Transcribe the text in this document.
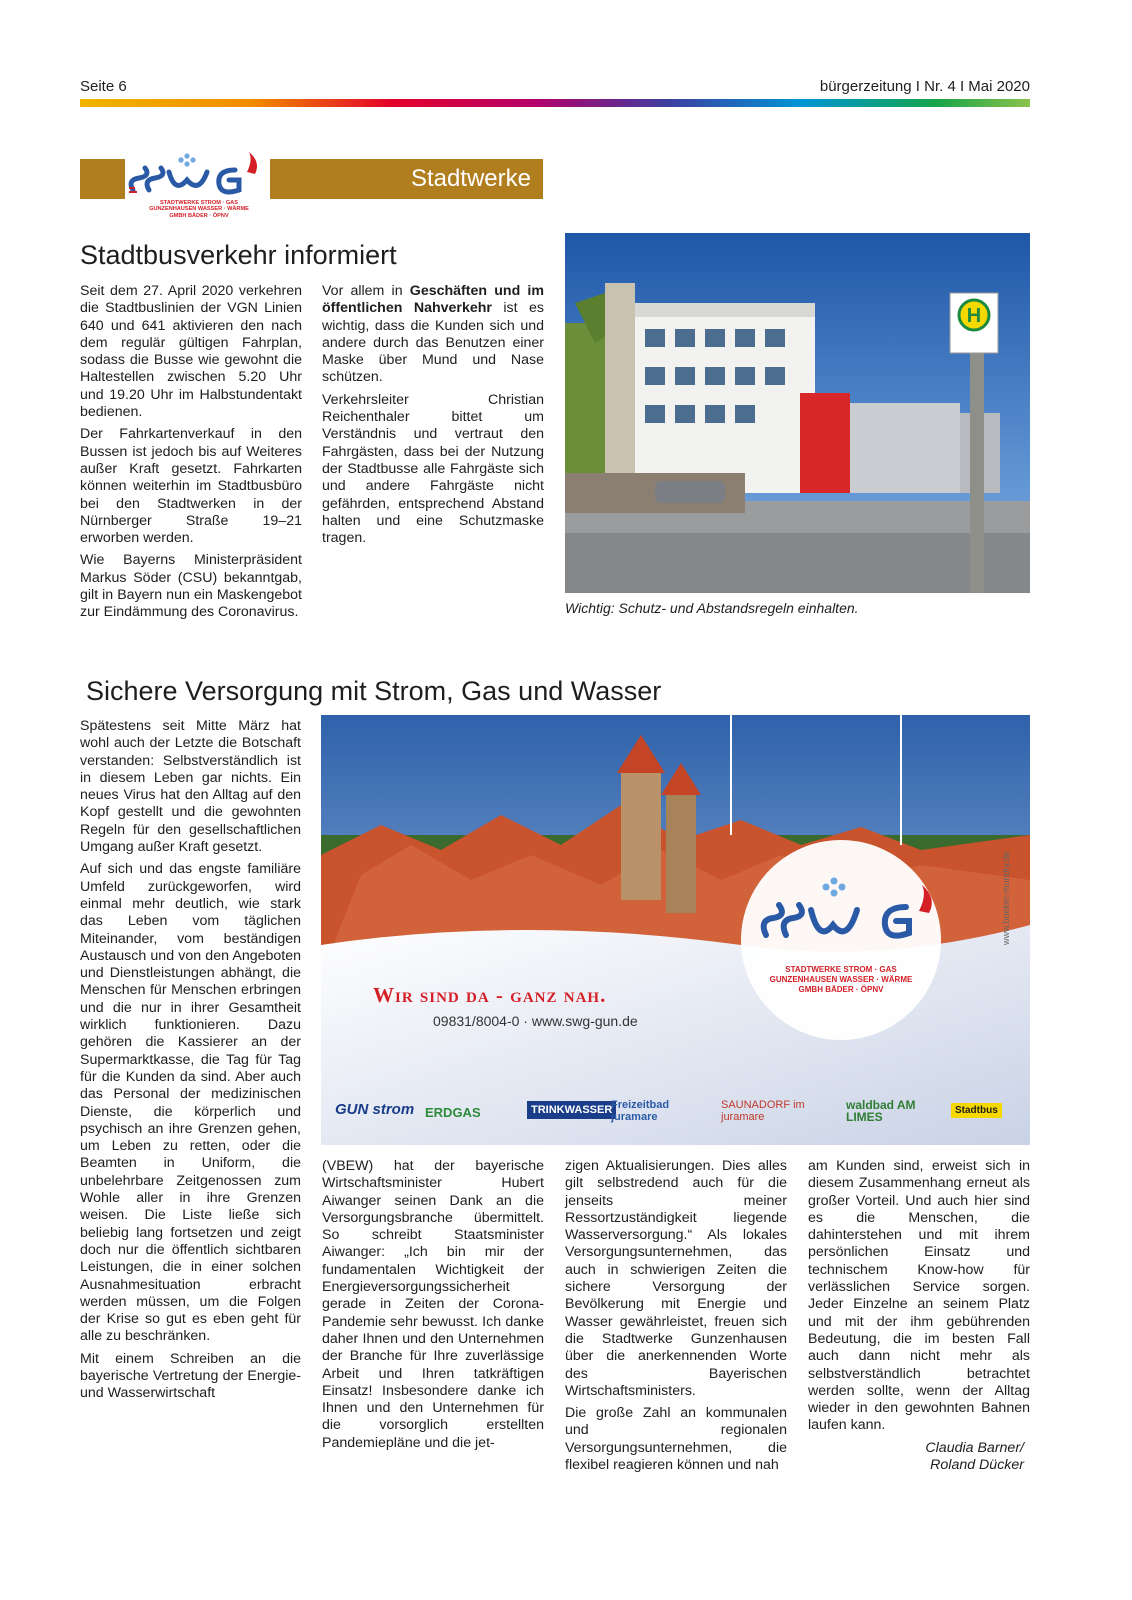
Seite 6	bürgerzeitung I Nr. 4 I Mai 2020
Stadtwerke
STADTWERKE STROM · GAS
GUNZENHAUSEN WASSER · WÄRME
GMBH BÄDER · ÖPNV
Stadtbusverkehr informiert

Seit dem 27. April 2020 verkehren die Stadtbuslinien der VGN Linien 640 und 641 aktivieren den nach dem regulär gültigen Fahrplan, sodass die Busse wie gewohnt die Haltestellen zwischen 5.20 Uhr und 19.20 Uhr im Halbstundentakt bedienen.

Der Fahrkartenverkauf in den Bussen ist jedoch bis auf Weiteres außer Kraft gesetzt. Fahrkarten können weiterhin im Stadtbusbüro bei den Stadtwerken in der Nürnberger Straße 19–21 erworben werden.

Wie Bayerns Ministerpräsident Markus Söder (CSU) bekanntgab, gilt in Bayern nun ein Maskengebot zur Eindämmung des Coronavirus.

Vor allem in Geschäften und im öffentlichen Nahverkehr ist es wichtig, dass die Kunden sich und andere durch das Benutzen einer Maske über Mund und Nase schützen.

Verkehrsleiter Christian Reichenthaler bittet um Verständnis und vertraut den Fahrgästen, dass bei der Nutzung der Stadtbusse alle Fahrgäste sich und andere Fahrgäste nicht gefährden, entsprechend Abstand halten und eine Schutzmaske tragen.

H
Wichtig: Schutz- und Abstandsregeln einhalten.
Sichere Versorgung mit Strom, Gas und Wasser

Spätestens seit Mitte März hat wohl auch der Letzte die Botschaft verstanden: Selbstverständlich ist in diesem Leben gar nichts. Ein neues Virus hat den Alltag auf den Kopf gestellt und die gewohnten Regeln für den gesellschaftlichen Umgang außer Kraft gesetzt.

Auf sich und das engste familiäre Umfeld zurückgeworfen, wird einmal mehr deutlich, wie stark das Leben vom täglichen Miteinander, vom beständigen Austausch und von den Angeboten und Dienstleistungen abhängt, die Menschen für Menschen erbringen und die nur in ihrer Gesamtheit wirklich funktionieren. Dazu gehören die Kassierer an der Supermarktkasse, die Tag für Tag für die Kunden da sind. Aber auch das Personal der medizinischen Dienste, die körperlich und psychisch an ihre Grenzen gehen, um Leben zu retten, oder die Beamten in Uniform, die unbelehrbare Zeitgenossen zum Wohle aller in ihre Grenzen weisen. Die Liste ließe sich beliebig lang fortsetzen und zeigt doch nur die öffentlich sichtbaren Leistungen, die in einer solchen Ausnahmesituation erbracht werden müssen, um die Folgen der Krise so gut es eben geht für alle zu beschränken.

Mit einem Schreiben an die bayerische Vertretung der Energie- und Wasserwirtschaft

STADTWERKE STROM · GAS
GUNZENHAUSEN WASSER · WÄRME
GMBH BÄDER · ÖPNV
Wir sind da - ganz nah.
09831/8004-0 · www.swg-gun.de
www.boeker-mundry.de
GUN strom ERDGAS	TRINKWASSER
Freizeitbad juramare
SAUNADORF im juramare
waldbad AM LIMES	Stadtbus

(VBEW) hat der bayerische Wirtschaftsminister Hubert Aiwanger seinen Dank an die Versorgungsbranche übermittelt. So schreibt Staatsminister Aiwanger: „Ich bin mir der fundamentalen Wichtigkeit der Energieversorgungssicherheit gerade in Zeiten der Corona-Pandemie sehr bewusst. Ich danke daher Ihnen und den Unternehmen der Branche für Ihre zuverlässige Arbeit und Ihren tatkräftigen Einsatz! Insbesondere danke ich Ihnen und den Unternehmen für die vorsorglich erstellten Pandemiepläne und die jet-

zigen Aktualisierungen. Dies alles gilt selbstredend auch für die jenseits meiner Ressortzuständigkeit liegende Wasserversorgung.“ Als lokales Versorgungsunternehmen, das auch in schwierigen Zeiten die sichere Versorgung der Bevölkerung mit Energie und Wasser gewährleistet, freuen sich die Stadtwerke Gunzenhausen über die anerkennenden Worte des Bayerischen Wirtschaftsministers.

Die große Zahl an kommunalen und regionalen Versorgungsunternehmen, die flexibel reagieren können und nah

am Kunden sind, erweist sich in diesem Zusammenhang erneut als großer Vorteil. Und auch hier sind es die Menschen, die dahinterstehen und mit ihrem persönlichen Einsatz und technischem Know-how für verlässlichen Service sorgen. Jeder Einzelne an seinem Platz und mit der ihm gebührenden Bedeutung, die im besten Fall auch dann nicht mehr als selbstverständlich betrachtet werden sollte, wenn der Alltag wieder in den gewohnten Bahnen laufen kann.

Claudia Barner/
Roland Dücker
